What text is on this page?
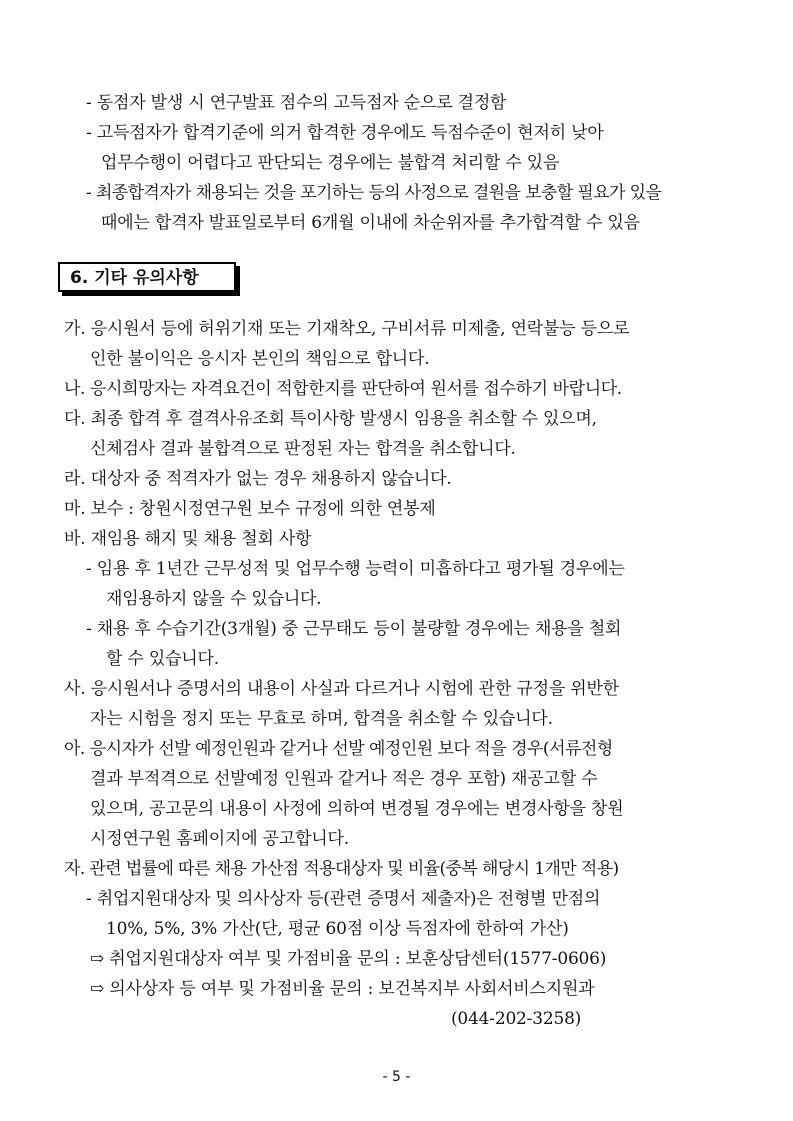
- 동점자 발생 시 연구발표 점수의 고득점자 순으로 결정함
- 고득점자가 합격기준에 의거 합격한 경우에도 득점수준이 현저히 낮아
업무수행이 어렵다고 판단되는 경우에는 불합격 처리할 수 있음
- 최종합격자가 채용되는 것을 포기하는 등의 사정으로 결원을 보충할 필요가 있을
때에는 합격자 발표일로부터 6개월 이내에 차순위자를 추가합격할 수 있음
6. 기타 유의사항
가. 응시원서 등에 허위기재 또는 기재착오, 구비서류 미제출, 연락불능 등으로
인한 불이익은 응시자 본인의 책임으로 합니다.
나. 응시희망자는 자격요건이 적합한지를 판단하여 원서를 접수하기 바랍니다.
다. 최종 합격 후 결격사유조회 특이사항 발생시 임용을 취소할 수 있으며,
신체검사 결과 불합격으로 판정된 자는 합격을 취소합니다.
라. 대상자 중 적격자가 없는 경우 채용하지 않습니다.
마. 보수 : 창원시정연구원 보수 규정에 의한 연봉제
바. 재임용 해지 및 채용 철회 사항
- 임용 후 1년간 근무성적 및 업무수행 능력이 미흡하다고 평가될 경우에는
재임용하지 않을 수 있습니다.
- 채용 후 수습기간(3개월) 중 근무태도 등이 불량할 경우에는 채용을 철회
할 수 있습니다.
사. 응시원서나 증명서의 내용이 사실과 다르거나 시험에 관한 규정을 위반한
자는 시험을 정지 또는 무효로 하며, 합격을 취소할 수 있습니다.
아. 응시자가 선발 예정인원과 같거나 선발 예정인원 보다 적을 경우(서류전형
결과 부적격으로 선발예정 인원과 같거나 적은 경우 포함) 재공고할 수
있으며, 공고문의 내용이 사정에 의하여 변경될 경우에는 변경사항을 창원
시정연구원 홈페이지에 공고합니다.
자. 관련 법률에 따른 채용 가산점 적용대상자 및 비율(중복 해당시 1개만 적용)
- 취업지원대상자 및 의사상자 등(관련 증명서 제출자)은 전형별 만점의
10%, 5%, 3% 가산(단, 평균 60점 이상 득점자에 한하여 가산)
⇨ 취업지원대상자 여부 및 가점비율 문의 : 보훈상담센터(1577-0606)
⇨ 의사상자 등 여부 및 가점비율 문의 : 보건복지부 사회서비스지원과
(044-202-3258)
- 5 -
